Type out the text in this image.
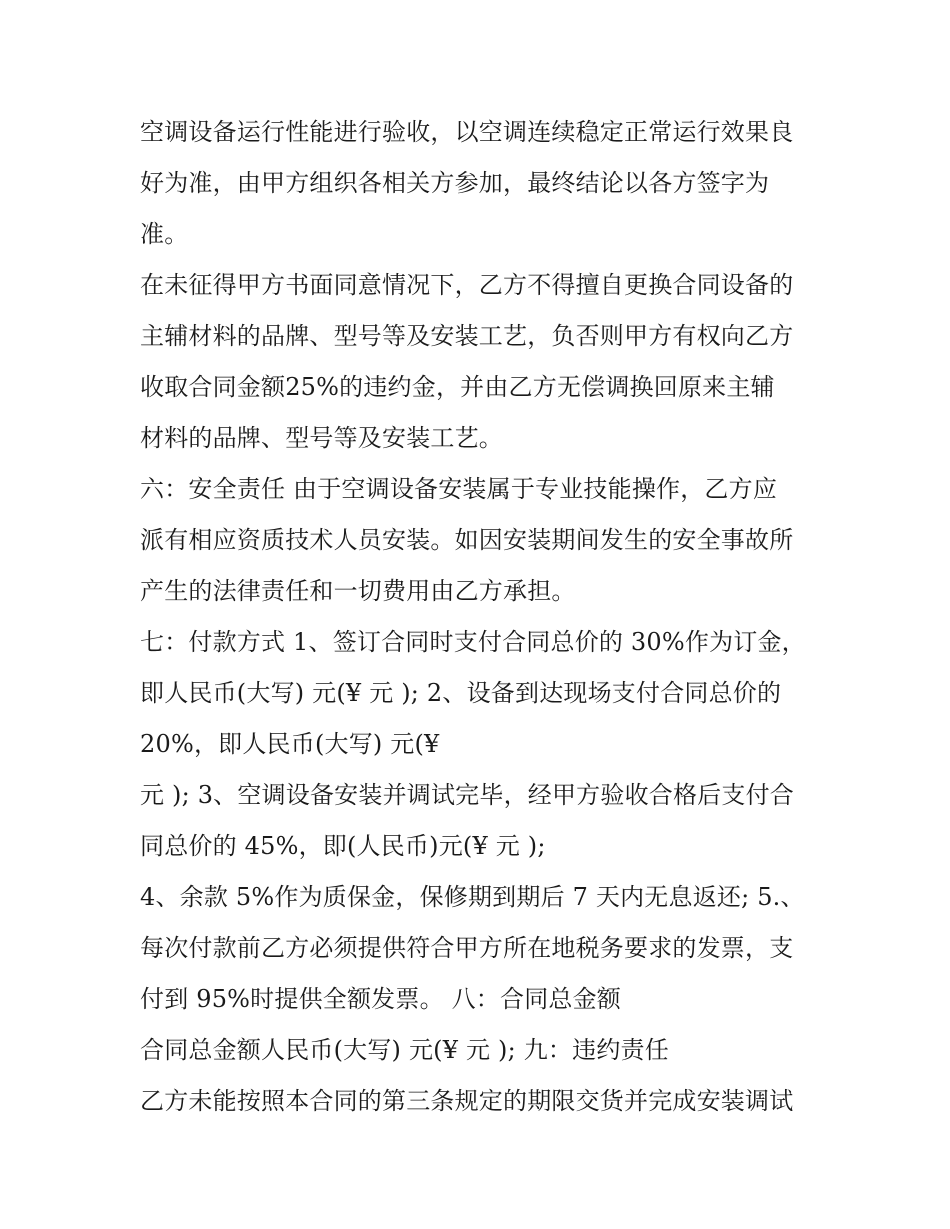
空调设备运行性能进行验收，以空调连续稳定正常运行效果良
好为准，由甲方组织各相关方参加，最终结论以各方签字为
准。
在未征得甲方书面同意情况下，乙方不得擅自更换合同设备的
主辅材料的品牌、型号等及安装工艺，负否则甲方有权向乙方
收取合同金额25%的违约金，并由乙方无偿调换回原来主辅
材料的品牌、型号等及安装工艺。
六：安全责任 由于空调设备安装属于专业技能操作，乙方应
派有相应资质技术人员安装。如因安装期间发生的安全事故所
产生的法律责任和一切费用由乙方承担。
七：付款方式 1、签订合同时支付合同总价的 30%作为订金，
即人民币(大写) 元(¥ 元 ); 2、设备到达现场支付合同总价的
20%，即人民币(大写) 元(¥
元 ); 3、空调设备安装并调试完毕，经甲方验收合格后支付合
同总价的 45%，即(人民币)元(¥ 元 );
4、余款 5%作为质保金，保修期到期后 7 天内无息返还; 5.、
每次付款前乙方必须提供符合甲方所在地税务要求的发票，支
付到 95%时提供全额发票。 八：合同总金额
合同总金额人民币(大写) 元(¥ 元 ); 九：违约责任
乙方未能按照本合同的第三条规定的期限交货并完成安装调试
